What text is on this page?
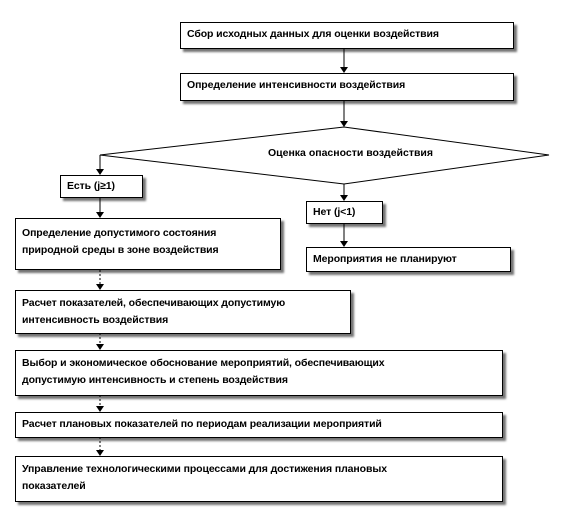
Сбор исходных данных для оценки воздействия
Определение интенсивности воздействия
Оценка опасности воздействия
Есть (j≥1)
Нет (j<1)
Мероприятия не планируют
Определение допустимого состояния
природной среды в зоне воздействия
Расчет показателей, обеспечивающих допустимую
интенсивность воздействия
Выбор и экономическое обоснование мероприятий, обеспечивающих
допустимую интенсивность и степень воздействия
Расчет плановых показателей по периодам реализации мероприятий
Управление технологическими процессами для достижения плановых
показателей
